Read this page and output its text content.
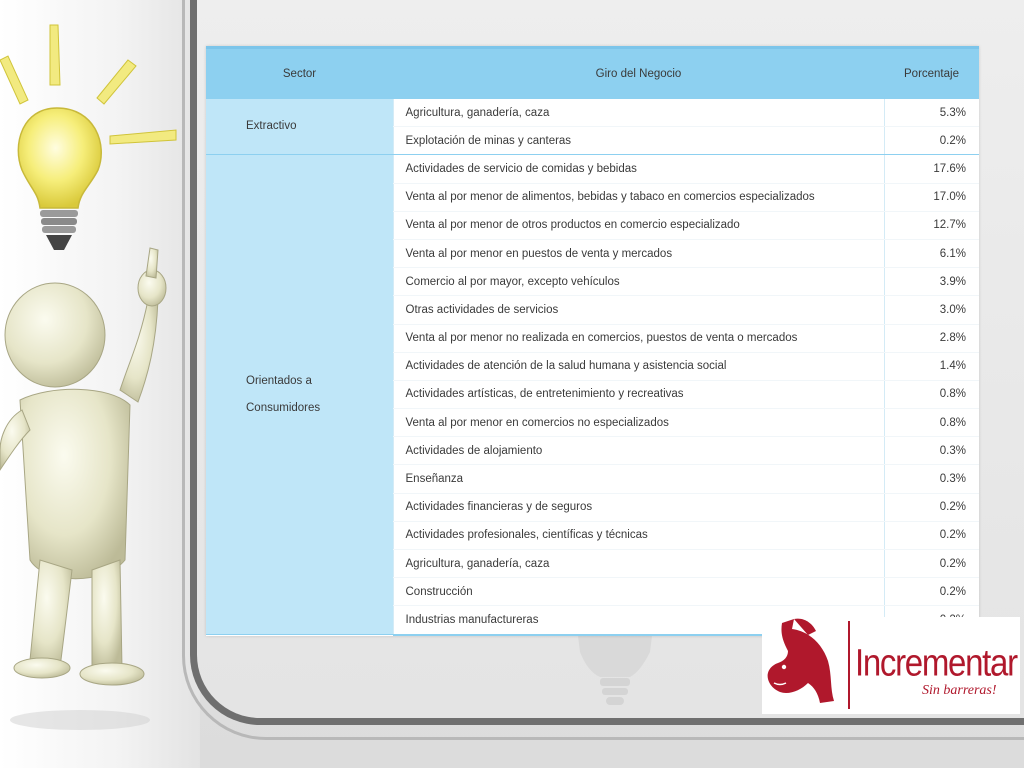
Sector	Giro del Negocio	Porcentaje

Extractivo	Agricultura, ganadería, caza	5.3%
	Explotación de minas y canteras	0.2%

Orientados a Consumidores	Actividades de servicio de comidas y bebidas	17.6%
	Venta al por menor de alimentos, bebidas y tabaco en comercios especializados	17.0%
	Venta al por menor de otros productos en comercio especializado	12.7%
	Venta al por menor en puestos de venta y mercados	6.1%
	Comercio al por mayor, excepto vehículos	3.9%
	Otras actividades de servicios	3.0%
	Venta al por menor no realizada en comercios, puestos de venta o mercados	2.8%
	Actividades de atención de la salud humana y asistencia social	1.4%
	Actividades artísticas, de entretenimiento y recreativas	0.8%
	Venta al por menor en comercios no especializados	0.8%
	Actividades de alojamiento	0.3%
	Enseñanza	0.3%
	Actividades financieras y de seguros	0.2%
	Actividades profesionales, científicas y técnicas	0.2%
	Agricultura, ganadería, caza	0.2%
	Construcción	0.2%
	Industrias manufactureras	
Incrementar
Sin barreras!
